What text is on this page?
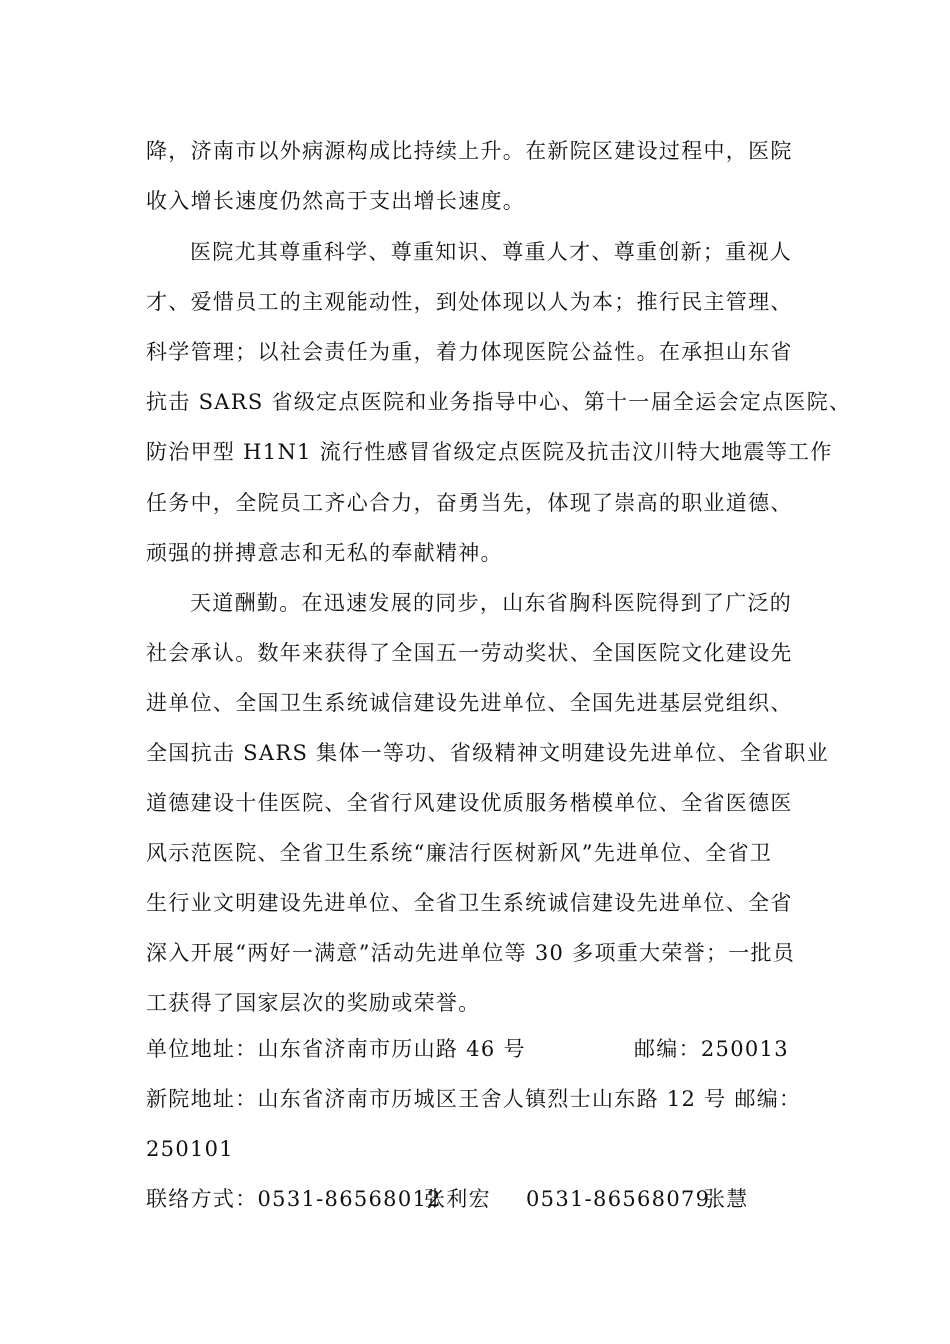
降，济南市以外病源构成比持续上升。在新院区建设过程中，医院
收入增长速度仍然高于支出增长速度。
医院尤其尊重科学、尊重知识、尊重人才、尊重创新；重视人
才、爱惜员工的主观能动性，到处体现以人为本；推行民主管理、
科学管理；以社会责任为重，着力体现医院公益性。在承担山东省
抗击 SARS 省级定点医院和业务指导中心、第十一届全运会定点医院、
防治甲型 H1N1 流行性感冒省级定点医院及抗击汶川特大地震等工作
任务中，全院员工齐心合力，奋勇当先，体现了崇高的职业道德、
顽强的拼搏意志和无私的奉献精神。
天道酬勤。在迅速发展的同步，山东省胸科医院得到了广泛的
社会承认。数年来获得了全国五一劳动奖状、全国医院文化建设先
进单位、全国卫生系统诚信建设先进单位、全国先进基层党组织、
全国抗击 SARS 集体一等功、省级精神文明建设先进单位、全省职业
道德建设十佳医院、全省行风建设优质服务楷模单位、全省医德医
风示范医院、全省卫生系统“廉洁行医树新风”先进单位、全省卫
生行业文明建设先进单位、全省卫生系统诚信建设先进单位、全省
深入开展“两好一满意”活动先进单位等 30 多项重大荣誉；一批员
工获得了国家层次的奖励或荣誉。
单位地址：山东省济南市历山路 46 号	邮编：250013
新院地址：山东省济南市历城区王舍人镇烈士山东路 12 号 邮编：
250101
联络方式：0531-86568012
张利宏 0531-86568079
张慧
